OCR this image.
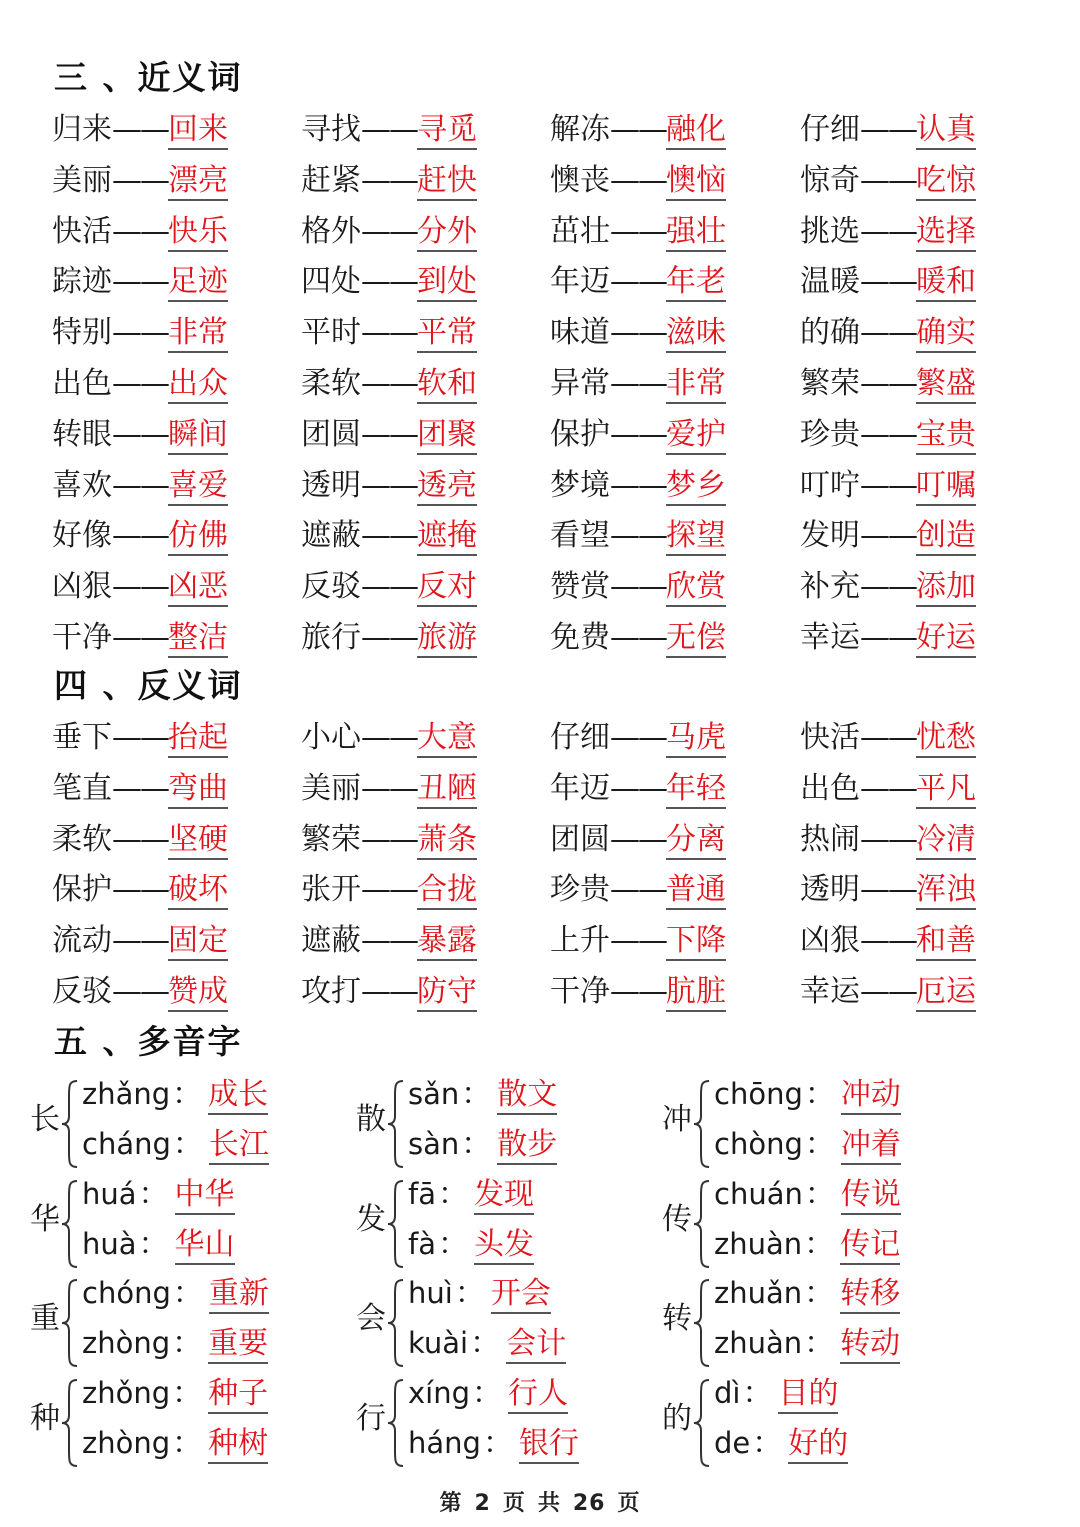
三 、近义词
归来——回来 寻找——寻觅 解冻——融化 仔细——认真
美丽——漂亮 赶紧——赶快 懊丧——懊恼 惊奇——吃惊
快活——快乐 格外——分外 茁壮——强壮 挑选——选择
踪迹——足迹 四处——到处 年迈——年老 温暖——暖和
特别——非常 平时——平常 味道——滋味 的确——确实
出色——出众 柔软——软和 异常——非常 繁荣——繁盛
转眼——瞬间 团圆——团聚 保护——爱护 珍贵——宝贵
喜欢——喜爱 透明——透亮 梦境——梦乡 叮咛——叮嘱
好像——仿佛 遮蔽——遮掩 看望——探望 发明——创造
凶狠——凶恶 反驳——反对 赞赏——欣赏 补充——添加
干净——整洁 旅行——旅游 免费——无偿 幸运——好运
四 、反义词
垂下——抬起 小心——大意 仔细——马虎 快活——忧愁
笔直——弯曲 美丽——丑陋 年迈——年轻 出色——平凡
柔软——坚硬 繁荣——萧条 团圆——分离 热闹——冷清
保护——破坏 张开——合拢 珍贵——普通 透明——浑浊
流动——固定 遮蔽——暴露 上升——下降 凶狠——和善
反驳——赞成 攻打——防守 干净——肮脏 幸运——厄运
五 、多音字
长
zhǎng： 成长
cháng： 长江
散
sǎn： 散文
sàn： 散步
冲
chōng： 冲动
chòng： 冲着
华
huá： 中华
huà： 华山
发
fā： 发现
fà： 头发
传
chuán： 传说
zhuàn： 传记
重
chóng： 重新
zhòng： 重要
会
huì： 开会
kuài： 会计
转
zhuǎn： 转移
zhuàn： 转动
种
zhǒng： 种子
zhòng： 种树
行
xíng： 行人
háng： 银行
的
dì： 目的
de： 好的
第 2 页 共 26 页
